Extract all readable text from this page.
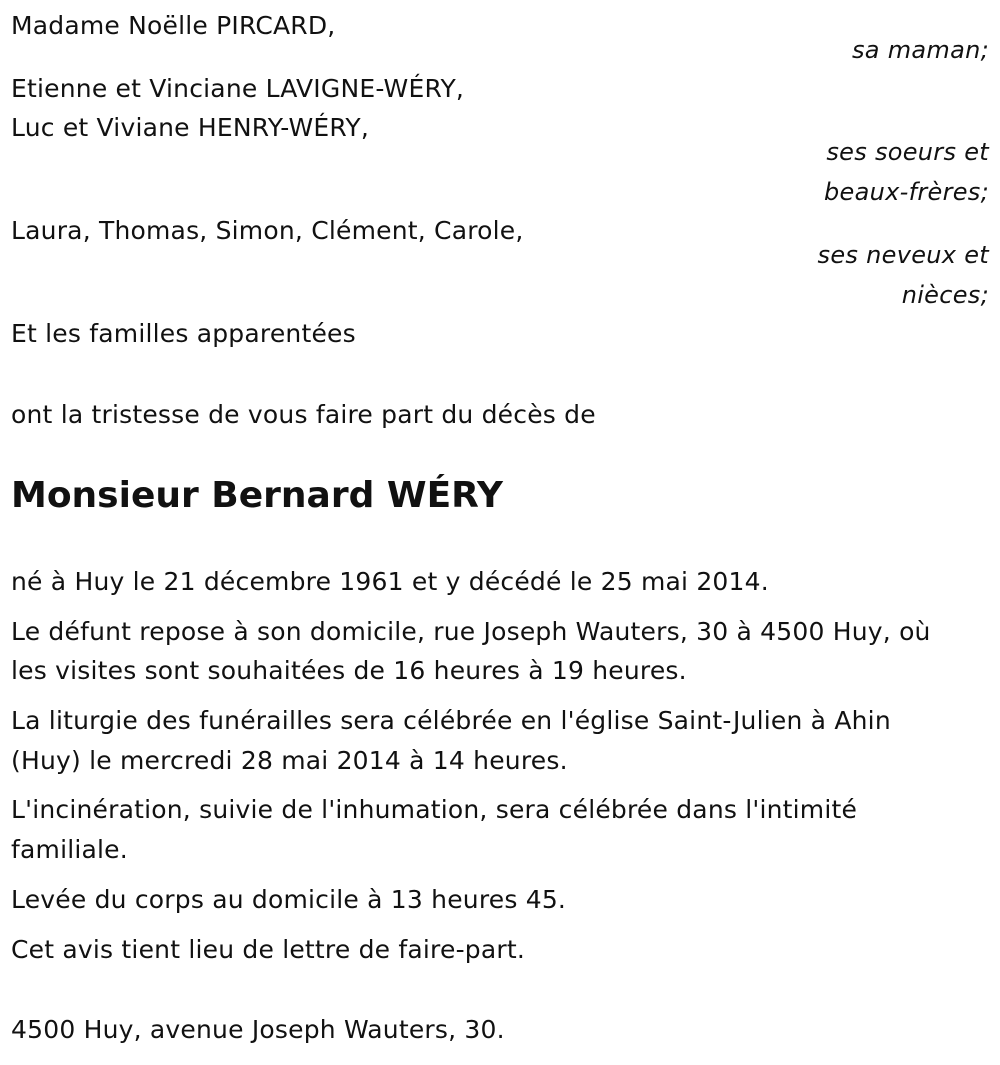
Madame Noëlle PIRCARD,
sa maman;
Etienne et Vinciane LAVIGNE-WÉRY,
Luc et Viviane HENRY-WÉRY,
ses soeurs et
beaux-frères;
Laura, Thomas, Simon, Clément, Carole,
ses neveux et
nièces;
Et les familles apparentées
ont la tristesse de vous faire part du décès de
Monsieur Bernard WÉRY
né à Huy le 21 décembre 1961 et y décédé le 25 mai 2014.
Le défunt repose à son domicile, rue Joseph Wauters, 30 à 4500 Huy, où
les visites sont souhaitées de 16 heures à 19 heures.
La liturgie des funérailles sera célébrée en l'église Saint-Julien à Ahin
(Huy) le mercredi 28 mai 2014 à 14 heures.
L'incinération, suivie de l'inhumation, sera célébrée dans l'intimité
familiale.
Levée du corps au domicile à 13 heures 45.
Cet avis tient lieu de lettre de faire-part.
4500 Huy, avenue Joseph Wauters, 30.
